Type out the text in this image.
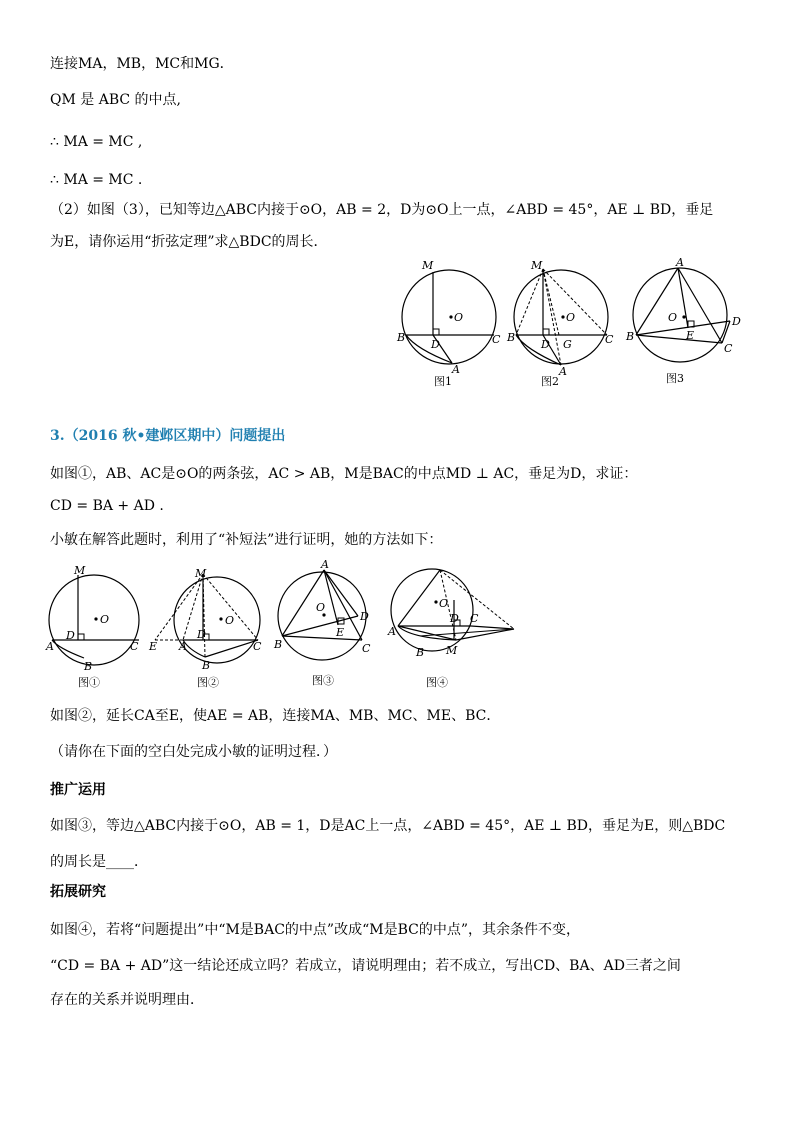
连接MA，MB，MC和MG．
QM 是 ABC 的中点,
∴ MA = MC ,
∴ MA = MC .
（2）如图（3），已知等边△ABC内接于⊙O，AB = 2，D为⊙O上一点，∠ABD = 45°，AE ⊥ BD，垂足
为E，请你运用“折弦定理”求△BDC的周长．
M
O
B
D	C
A
图1
M
O
B
D G	C
A
图2
A
O
B	E
D
C
图3
3.（2016 秋•建邺区期中）问题提出
如图①，AB、AC是⊙O的两条弦，AC > AB，M是BAC的中点MD ⊥ AC，垂足为D，求证：
CD = BA + AD .
小敏在解答此题时，利用了“补短法”进行证明，她的方法如下：
M
O
D
A
B
C
图①
M
O
E A
D
B
C
图②
A
O
B
E
D
C
图③
O
A
D C
B M
图④
如图②，延长CA至E，使AE = AB，连接MA、MB、MC、ME、BC．
（请你在下面的空白处完成小敏的证明过程．）
推广运用
如图③，等边△ABC内接于⊙O，AB = 1，D是AC上一点，∠ABD = 45°，AE ⊥ BD，垂足为E，则△BDC
的周长是____．
拓展研究
如图④，若将“问题提出”中“M是BAC的中点”改成“M是BC的中点”，其余条件不变，
“CD = BA + AD”这一结论还成立吗？若成立，请说明理由；若不成立，写出CD、BA、AD三者之间
存在的关系并说明理由．
